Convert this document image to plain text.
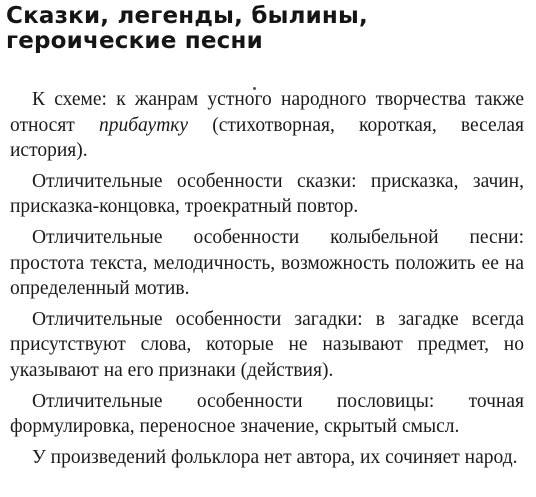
Сказки, легенды, былины, героические песни

К схеме: к жанрам устного народного творчества также относят прибаутку (стихотворная, короткая, веселая история).

Отличительные особенности сказки: присказка, зачин, присказка-концовка, троекратный повтор.

Отличительные особенности колыбельной песни: простота текста, мелодичность, возможность положить ее на определенный мотив.

Отличительные особенности загадки: в загадке всегда присутствуют слова, которые не называют предмет, но указывают на его признаки (действия).

Отличительные особенности пословицы: точная формулировка, переносное значение, скрытый смысл.

У произведений фольклора нет автора, их сочиняет народ.
